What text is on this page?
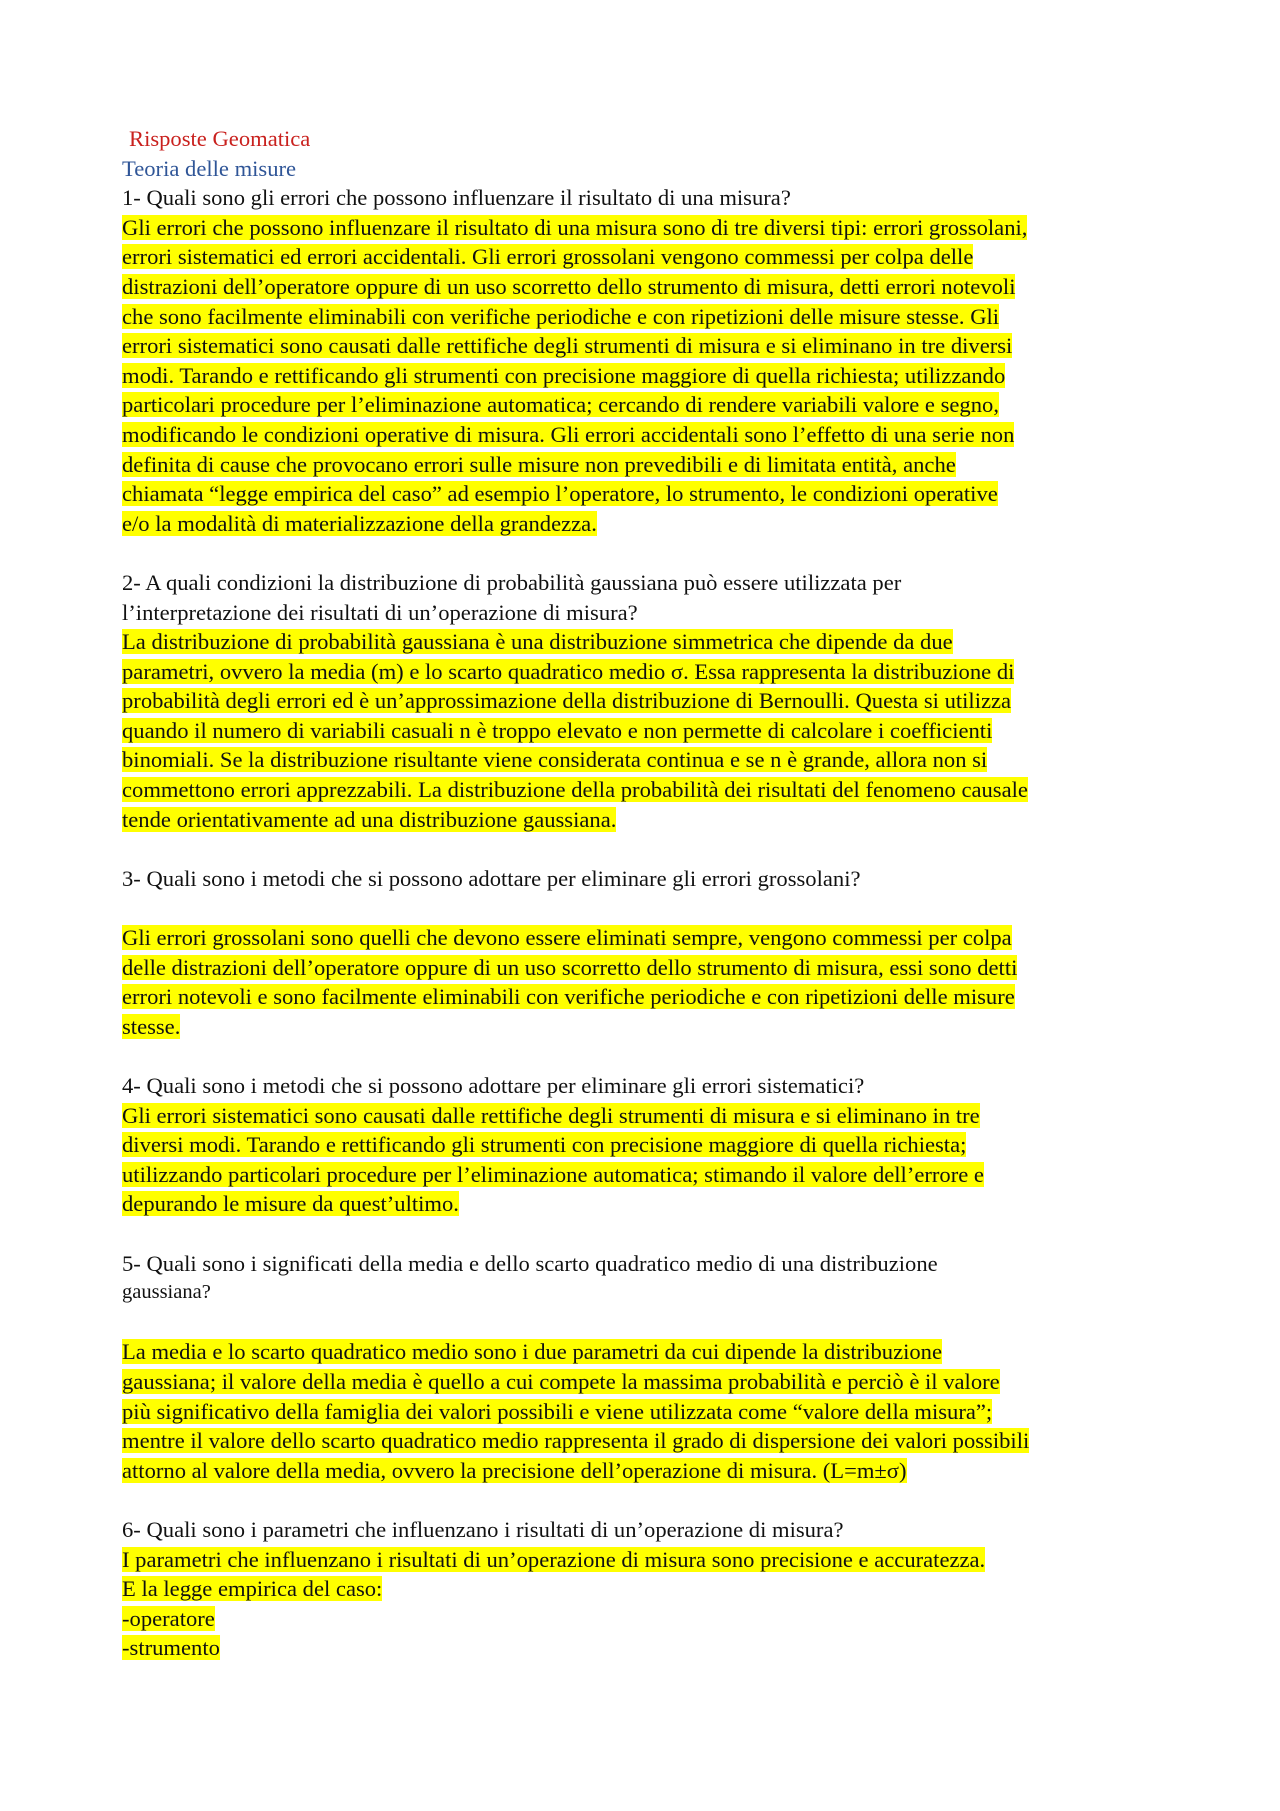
Risposte Geomatica
Teoria delle misure
1- Quali sono gli errori che possono influenzare il risultato di una misura?
Gli errori che possono influenzare il risultato di una misura sono di tre diversi tipi: errori grossolani,
errori sistematici ed errori accidentali. Gli errori grossolani vengono commessi per colpa delle
distrazioni dell’operatore oppure di un uso scorretto dello strumento di misura, detti errori notevoli
che sono facilmente eliminabili con verifiche periodiche e con ripetizioni delle misure stesse. Gli
errori sistematici sono causati dalle rettifiche degli strumenti di misura e si eliminano in tre diversi
modi. Tarando e rettificando gli strumenti con precisione maggiore di quella richiesta; utilizzando
particolari procedure per l’eliminazione automatica; cercando di rendere variabili valore e segno,
modificando le condizioni operative di misura. Gli errori accidentali sono l’effetto di una serie non
definita di cause che provocano errori sulle misure non prevedibili e di limitata entità, anche
chiamata “legge empirica del caso” ad esempio l’operatore, lo strumento, le condizioni operative
e/o la modalità di materializzazione della grandezza.
2- A quali condizioni la distribuzione di probabilità gaussiana può essere utilizzata per
l’interpretazione dei risultati di un’operazione di misura?
La distribuzione di probabilità gaussiana è una distribuzione simmetrica che dipende da due
parametri, ovvero la media (m) e lo scarto quadratico medio σ. Essa rappresenta la distribuzione di
probabilità degli errori ed è un’approssimazione della distribuzione di Bernoulli. Questa si utilizza
quando il numero di variabili casuali n è troppo elevato e non permette di calcolare i coefficienti
binomiali. Se la distribuzione risultante viene considerata continua e se n è grande, allora non si
commettono errori apprezzabili. La distribuzione della probabilità dei risultati del fenomeno causale
tende orientativamente ad una distribuzione gaussiana.
3- Quali sono i metodi che si possono adottare per eliminare gli errori grossolani?
Gli errori grossolani sono quelli che devono essere eliminati sempre, vengono commessi per colpa
delle distrazioni dell’operatore oppure di un uso scorretto dello strumento di misura, essi sono detti
errori notevoli e sono facilmente eliminabili con verifiche periodiche e con ripetizioni delle misure
stesse.
4- Quali sono i metodi che si possono adottare per eliminare gli errori sistematici?
Gli errori sistematici sono causati dalle rettifiche degli strumenti di misura e si eliminano in tre
diversi modi. Tarando e rettificando gli strumenti con precisione maggiore di quella richiesta;
utilizzando particolari procedure per l’eliminazione automatica; stimando il valore dell’errore e
depurando le misure da quest’ultimo.
5- Quali sono i significati della media e dello scarto quadratico medio di una distribuzione
gaussiana?
La media e lo scarto quadratico medio sono i due parametri da cui dipende la distribuzione
gaussiana; il valore della media è quello a cui compete la massima probabilità e perciò è il valore
più significativo della famiglia dei valori possibili e viene utilizzata come “valore della misura”;
mentre il valore dello scarto quadratico medio rappresenta il grado di dispersione dei valori possibili
attorno al valore della media, ovvero la precisione dell’operazione di misura. (L=m±σ)
6- Quali sono i parametri che influenzano i risultati di un’operazione di misura?
I parametri che influenzano i risultati di un’operazione di misura sono precisione e accuratezza.
E la legge empirica del caso:
-operatore
-strumento
